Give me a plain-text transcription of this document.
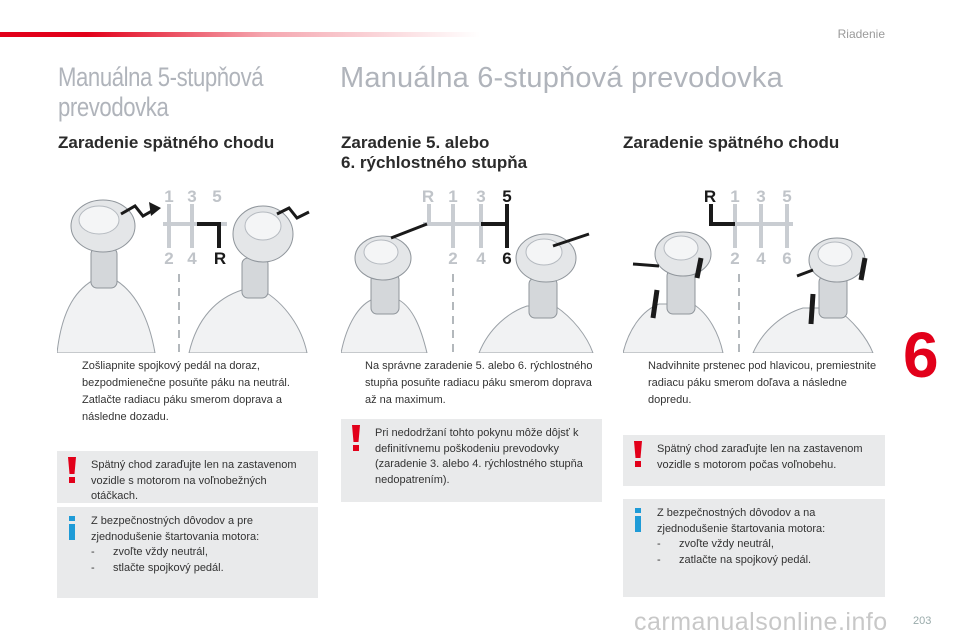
Riadenie
6
Manuálna 5-stupňová
prevodovka
Manuálna 6-stupňová prevodovka
Zaradenie spätného chodu	Zaradenie 5. alebo
6. rýchlostného stupňa
Zaradenie spätného chodu
1 3 5
2 4 R
R 1 3 5
2 4 6
R 1 3 5
2 4 6
Zošliapnite spojkový pedál na doraz, bezpodmienečne posuňte páku na neutrál.
Zatlačte radiacu páku smerom doprava a následne dozadu.
Na správne zaradenie 5. alebo 6. rýchlostného stupňa posuňte radiacu páku smerom doprava až na maximum.
Nadvihnite prstenec pod hlavicou, premiestnite radiacu páku smerom doľava a následne dopredu.
Spätný chod zaraďujte len na zastavenom vozidle s motorom na voľnobežných otáčkach.
Z bezpečnostných dôvodov a pre zjednodušenie štartovania motora:
- zvoľte vždy neutrál,
- stlačte spojkový pedál.
Pri nedodržaní tohto pokynu môže dôjsť k definitívnemu poškodeniu prevodovky (zaradenie 3. alebo 4. rýchlostného stupňa nedopatrením).
Spätný chod zaraďujte len na zastavenom vozidle s motorom počas voľnobehu.
Z bezpečnostných dôvodov a na zjednodušenie štartovania motora:
- zvoľte vždy neutrál,
- zatlačte na spojkový pedál.
203
carmanualsonline.info
